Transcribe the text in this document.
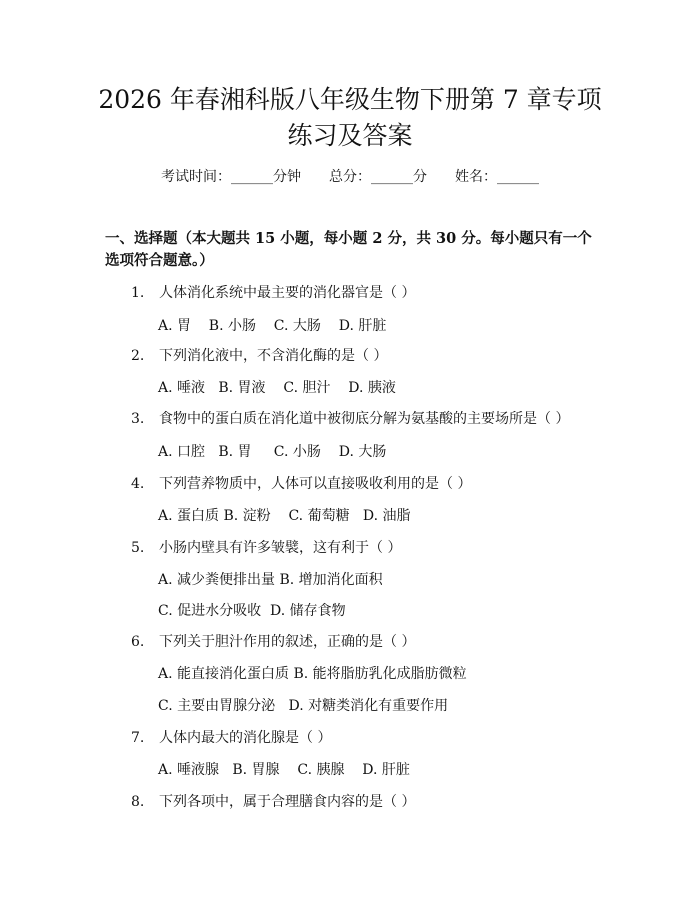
2026 年春湘科版八年级生物下册第 7 章专项
练习及答案
考试时间：______分钟 总分：______分 姓名：______
一、选择题（本大题共 15 小题，每小题 2 分，共 30 分。每小题只有一个选项符合题意。）
1. 人体消化系统中最主要的消化器官是（ ）
A. 胃    B. 小肠    C. 大肠    D. 肝脏
2. 下列消化液中，不含消化酶的是（ ）
A. 唾液   B. 胃液    C. 胆汁    D. 胰液
3. 食物中的蛋白质在消化道中被彻底分解为氨基酸的主要场所是（ ）
A. 口腔   B. 胃     C. 小肠    D. 大肠
4. 下列营养物质中，人体可以直接吸收利用的是（ ）
A. 蛋白质 B. 淀粉    C. 葡萄糖   D. 油脂
5. 小肠内壁具有许多皱襞，这有利于（ ）
A. 减少粪便排出量 B. 增加消化面积
C. 促进水分吸收  D. 储存食物
6. 下列关于胆汁作用的叙述，正确的是（ ）
A. 能直接消化蛋白质 B. 能将脂肪乳化成脂肪微粒
C. 主要由胃腺分泌   D. 对糖类消化有重要作用
7. 人体内最大的消化腺是（ ）
A. 唾液腺   B. 胃腺    C. 胰腺    D. 肝脏
8. 下列各项中，属于合理膳食内容的是（ ）
